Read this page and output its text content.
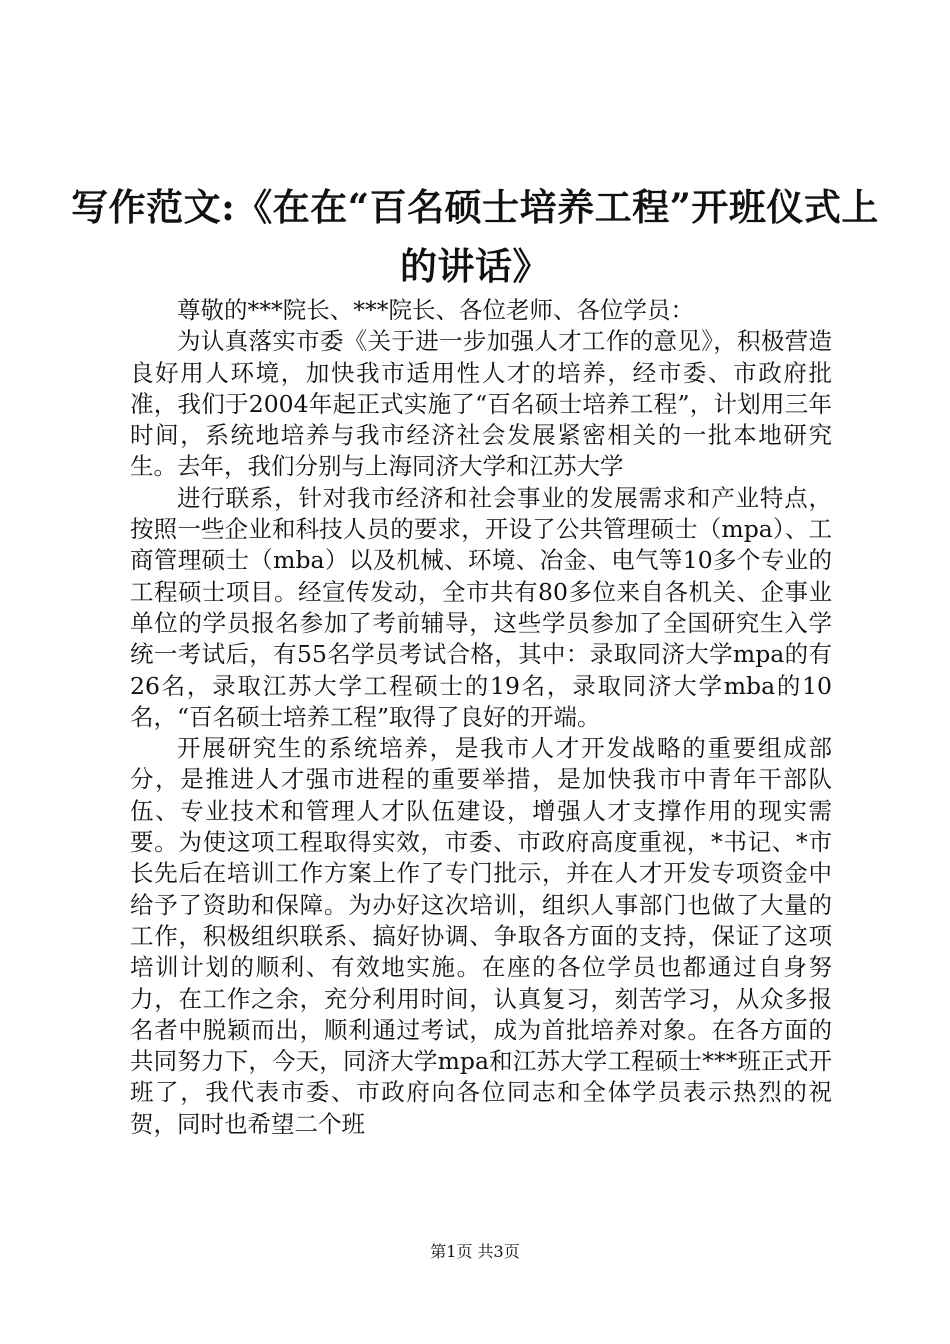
写作范文:《在在“百名硕士培养工程”开班仪式上的讲话》

尊敬的***院长、***院长、各位老师、各位学员：

为认真落实市委《关于进一步加强人才工作的意见》，积极营造良好用人环境，加快我市适用性人才的培养，经市委、市政府批准，我们于2004年起正式实施了“百名硕士培养工程”，计划用三年时间，系统地培养与我市经济社会发展紧密相关的一批本地研究生。去年，我们分别与上海同济大学和江苏大学

进行联系，针对我市经济和社会事业的发展需求和产业特点，按照一些企业和科技人员的要求，开设了公共管理硕士（mpa）、工商管理硕士（mba）以及机械、环境、冶金、电气等10多个专业的工程硕士项目。经宣传发动，全市共有80多位来自各机关、企事业单位的学员报名参加了考前辅导，这些学员参加了全国研究生入学统一考试后，有55名学员考试合格，其中：录取同济大学mpa的有26名，录取江苏大学工程硕士的19名，录取同济大学mba的10名，“百名硕士培养工程”取得了良好的开端。

开展研究生的系统培养，是我市人才开发战略的重要组成部分，是推进人才强市进程的重要举措，是加快我市中青年干部队伍、专业技术和管理人才队伍建设，增强人才支撑作用的现实需要。为使这项工程取得实效，市委、市政府高度重视，*书记、*市长先后在培训工作方案上作了专门批示，并在人才开发专项资金中给予了资助和保障。为办好这次培训，组织人事部门也做了大量的工作，积极组织联系、搞好协调、争取各方面的支持，保证了这项培训计划的顺利、有效地实施。在座的各位学员也都通过自身努力，在工作之余，充分利用时间，认真复习，刻苦学习，从众多报名者中脱颖而出，顺利通过考试，成为首批培养对象。在各方面的共同努力下，今天，同济大学mpa和江苏大学工程硕士***班正式开班了，我代表市委、市政府向各位同志和全体学员表示热烈的祝贺，同时也希望二个班

第1页 共3页
